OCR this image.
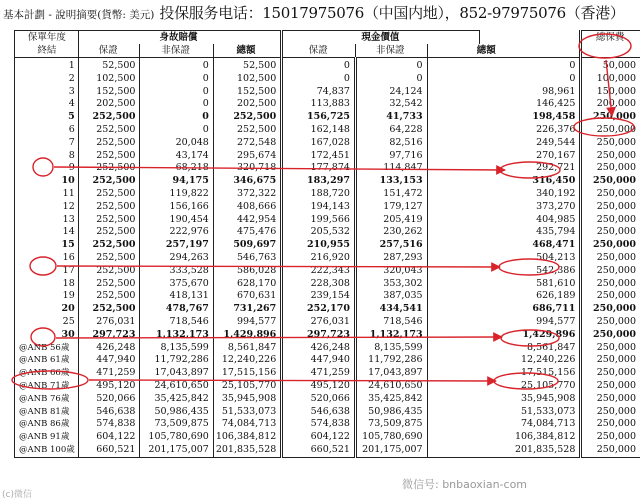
基本計劃 - 說明摘要(貨幣: 美元) 投保服务电话：15017975076（中国内地），852-97975076（香港）
保單年度	身故賠償			現金價值					總保費
終結	保證	非保證	總額	保證	非保證	總額			
1	52,500	0	52,500	0	0	0			50,000
2	102,500	0	102,500	0	0	0			100,000
3	152,500	0	152,500	74,837	24,124	98,961			150,000
4	202,500	0	202,500	113,883	32,542	146,425			200,000
5	252,500	0	252,500	156,725	41,733	198,458			250,000
6	252,500	0	252,500	162,148	64,228	226,376			250,000
7	252,500	20,048	272,548	167,028	82,516	249,544			250,000
8	252,500	43,174	295,674	172,451	97,716	270,167			250,000
9	252,500	68,218	320,718	177,874	114,847	292,721			250,000
10	252,500	94,175	346,675	183,297	133,153	316,450			250,000
11	252,500	119,822	372,322	188,720	151,472	340,192			250,000
12	252,500	156,166	408,666	194,143	179,127	373,270			250,000
13	252,500	190,454	442,954	199,566	205,419	404,985			250,000
14	252,500	222,976	475,476	205,532	230,262	435,794			250,000
15	252,500	257,197	509,697	210,955	257,516	468,471			250,000
16	252,500	294,263	546,763	216,920	287,293	504,213			250,000
17	252,500	333,528	586,028	222,343	320,043	542,386			250,000
18	252,500	375,670	628,170	228,308	353,302	581,610			250,000
19	252,500	418,131	670,631	239,154	387,035	626,189			250,000
20	252,500	478,767	731,267	252,170	434,541	686,711			250,000
25	276,031	718,546	994,577	276,031	718,546	994,577			250,000
30	297,723	1,132,173	1,429,896	297,723	1,132,173	1,429,896			250,000
@ANB 56歲	426,248	8,135,599	8,561,847	426,248	8,135,599	8,561,847			250,000
@ANB 61歲	447,940	11,792,286	12,240,226	447,940	11,792,286	12,240,226			250,000
@ANB 66歲	471,259	17,043,897	17,515,156	471,259	17,043,897	17,515,156			250,000
@ANB 71歲	495,120	24,610,650	25,105,770	495,120	24,610,650	25,105,770			250,000
@ANB 76歲	520,066	35,425,842	35,945,908	520,066	35,425,842	35,945,908			250,000
@ANB 81歲	546,638	50,986,435	51,533,073	546,638	50,986,435	51,533,073			250,000
@ANB 86歲	574,838	73,509,875	74,084,713	574,838	73,509,875	74,084,713			250,000
@ANB 91歲	604,122	105,780,690	106,384,812	604,122	105,780,690	106,384,812			250,000
@ANB 100歲	660,521	201,175,007	201,835,528	660,521	201,175,007	201,835,528			250,000
微信号: bnbaoxian-com
(c)微信
